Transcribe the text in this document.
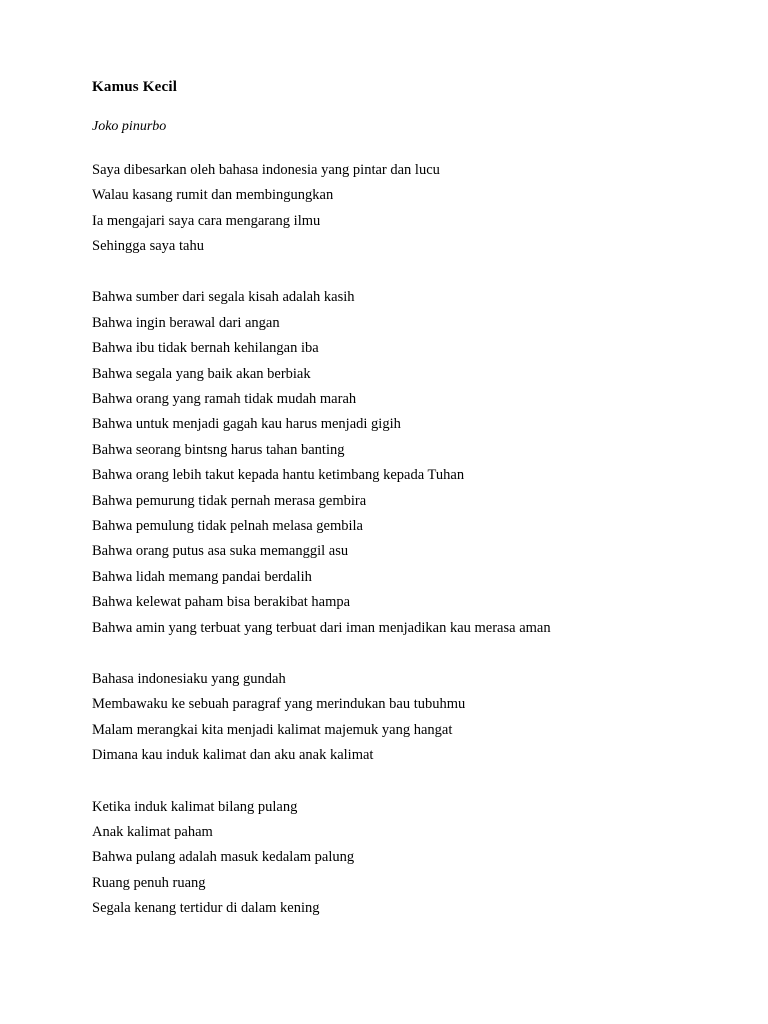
Kamus Kecil
Joko pinurbo

Saya dibesarkan oleh bahasa indonesia yang pintar dan lucu

Walau kasang rumit dan membingungkan

Ia mengajari saya cara mengarang ilmu

Sehingga saya tahu

Bahwa sumber dari segala kisah adalah kasih

Bahwa ingin berawal dari angan

Bahwa ibu tidak bernah kehilangan iba

Bahwa segala yang baik akan berbiak

Bahwa orang yang ramah tidak mudah marah

Bahwa untuk menjadi gagah kau harus menjadi gigih

Bahwa seorang bintsng harus tahan banting

Bahwa orang lebih takut kepada hantu ketimbang kepada Tuhan

Bahwa pemurung tidak pernah merasa gembira

Bahwa pemulung tidak pelnah melasa gembila

Bahwa orang putus asa suka memanggil asu

Bahwa lidah memang pandai berdalih

Bahwa kelewat paham bisa berakibat hampa

Bahwa amin yang terbuat yang terbuat dari iman menjadikan kau merasa aman

Bahasa indonesiaku yang gundah

Membawaku ke sebuah paragraf yang merindukan bau tubuhmu

Malam merangkai kita menjadi kalimat majemuk yang hangat

Dimana kau induk kalimat dan aku anak kalimat

Ketika induk kalimat bilang pulang

Anak kalimat paham

Bahwa pulang adalah masuk kedalam palung

Ruang penuh ruang

Segala kenang tertidur di dalam kening
